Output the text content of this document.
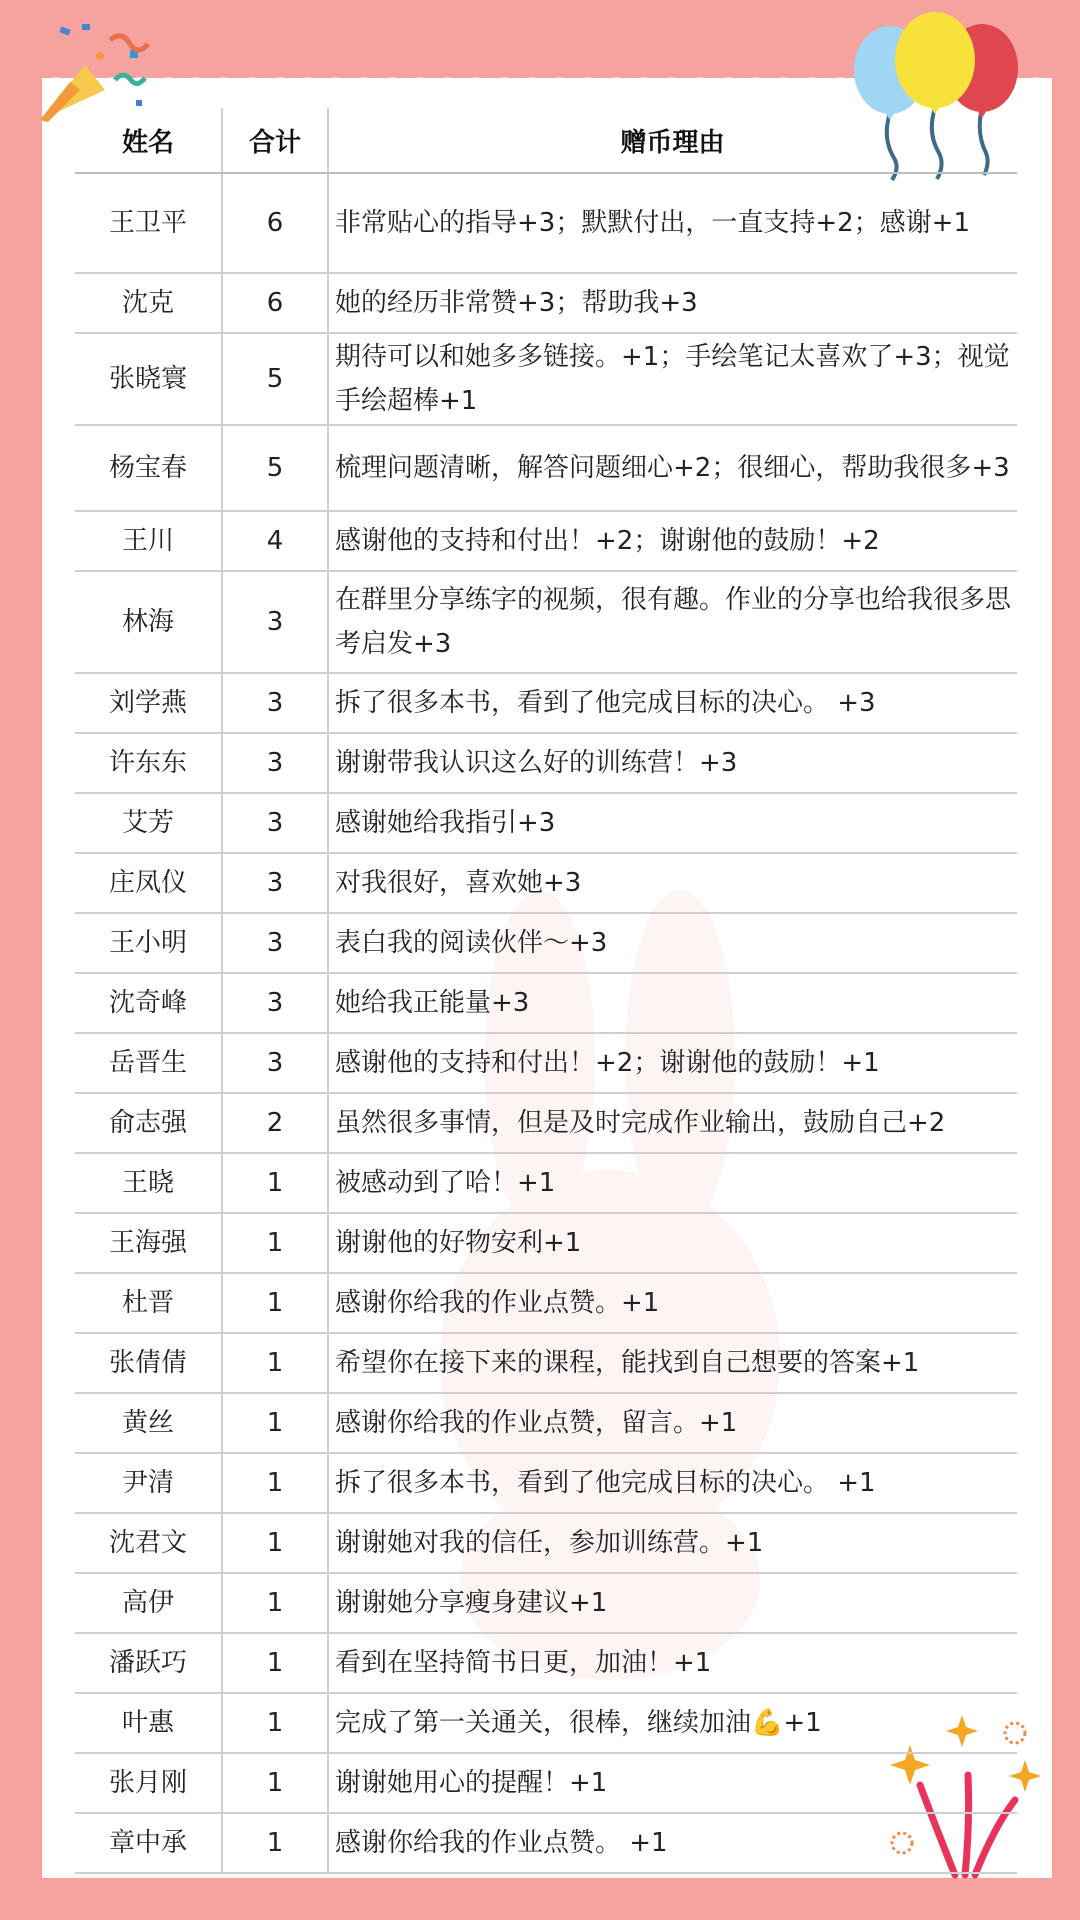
姓名	合计	赠币理由
王卫平	6	非常贴心的指导+3；默默付出，一直支持+2；感谢+1
沈克	6	她的经历非常赞+3；帮助我+3
张晓寰	5	期待可以和她多多链接。+1；手绘笔记太喜欢了+3；视觉手绘超棒+1
杨宝春	5	梳理问题清晰，解答问题细心+2；很细心，帮助我很多+3
王川	4	感谢他的支持和付出！+2；谢谢他的鼓励！+2
林海	3	在群里分享练字的视频，很有趣。作业的分享也给我很多思考启发+3
刘学燕	3	拆了很多本书，看到了他完成目标的决心。 +3
许东东	3	谢谢带我认识这么好的训练营！+3
艾芳	3	感谢她给我指引+3
庄凤仪	3	对我很好，喜欢她+3
王小明	3	表白我的阅读伙伴～+3
沈奇峰	3	她给我正能量+3
岳晋生	3	感谢他的支持和付出！+2；谢谢他的鼓励！+1
俞志强	2	虽然很多事情，但是及时完成作业输出，鼓励自己+2
王晓	1	被感动到了哈！+1
王海强	1	谢谢他的好物安利+1
杜晋	1	感谢你给我的作业点赞。+1
张倩倩	1	希望你在接下来的课程，能找到自己想要的答案+1
黄丝	1	感谢你给我的作业点赞，留言。+1
尹清	1	拆了很多本书，看到了他完成目标的决心。 +1
沈君文	1	谢谢她对我的信任，参加训练营。+1
高伊	1	谢谢她分享瘦身建议+1
潘跃巧	1	看到在坚持简书日更，加油！+1
叶惠	1	完成了第一关通关，很棒，继续加油💪+1
张月刚	1	谢谢她用心的提醒！+1
章中承	1	感谢你给我的作业点赞。 +1
